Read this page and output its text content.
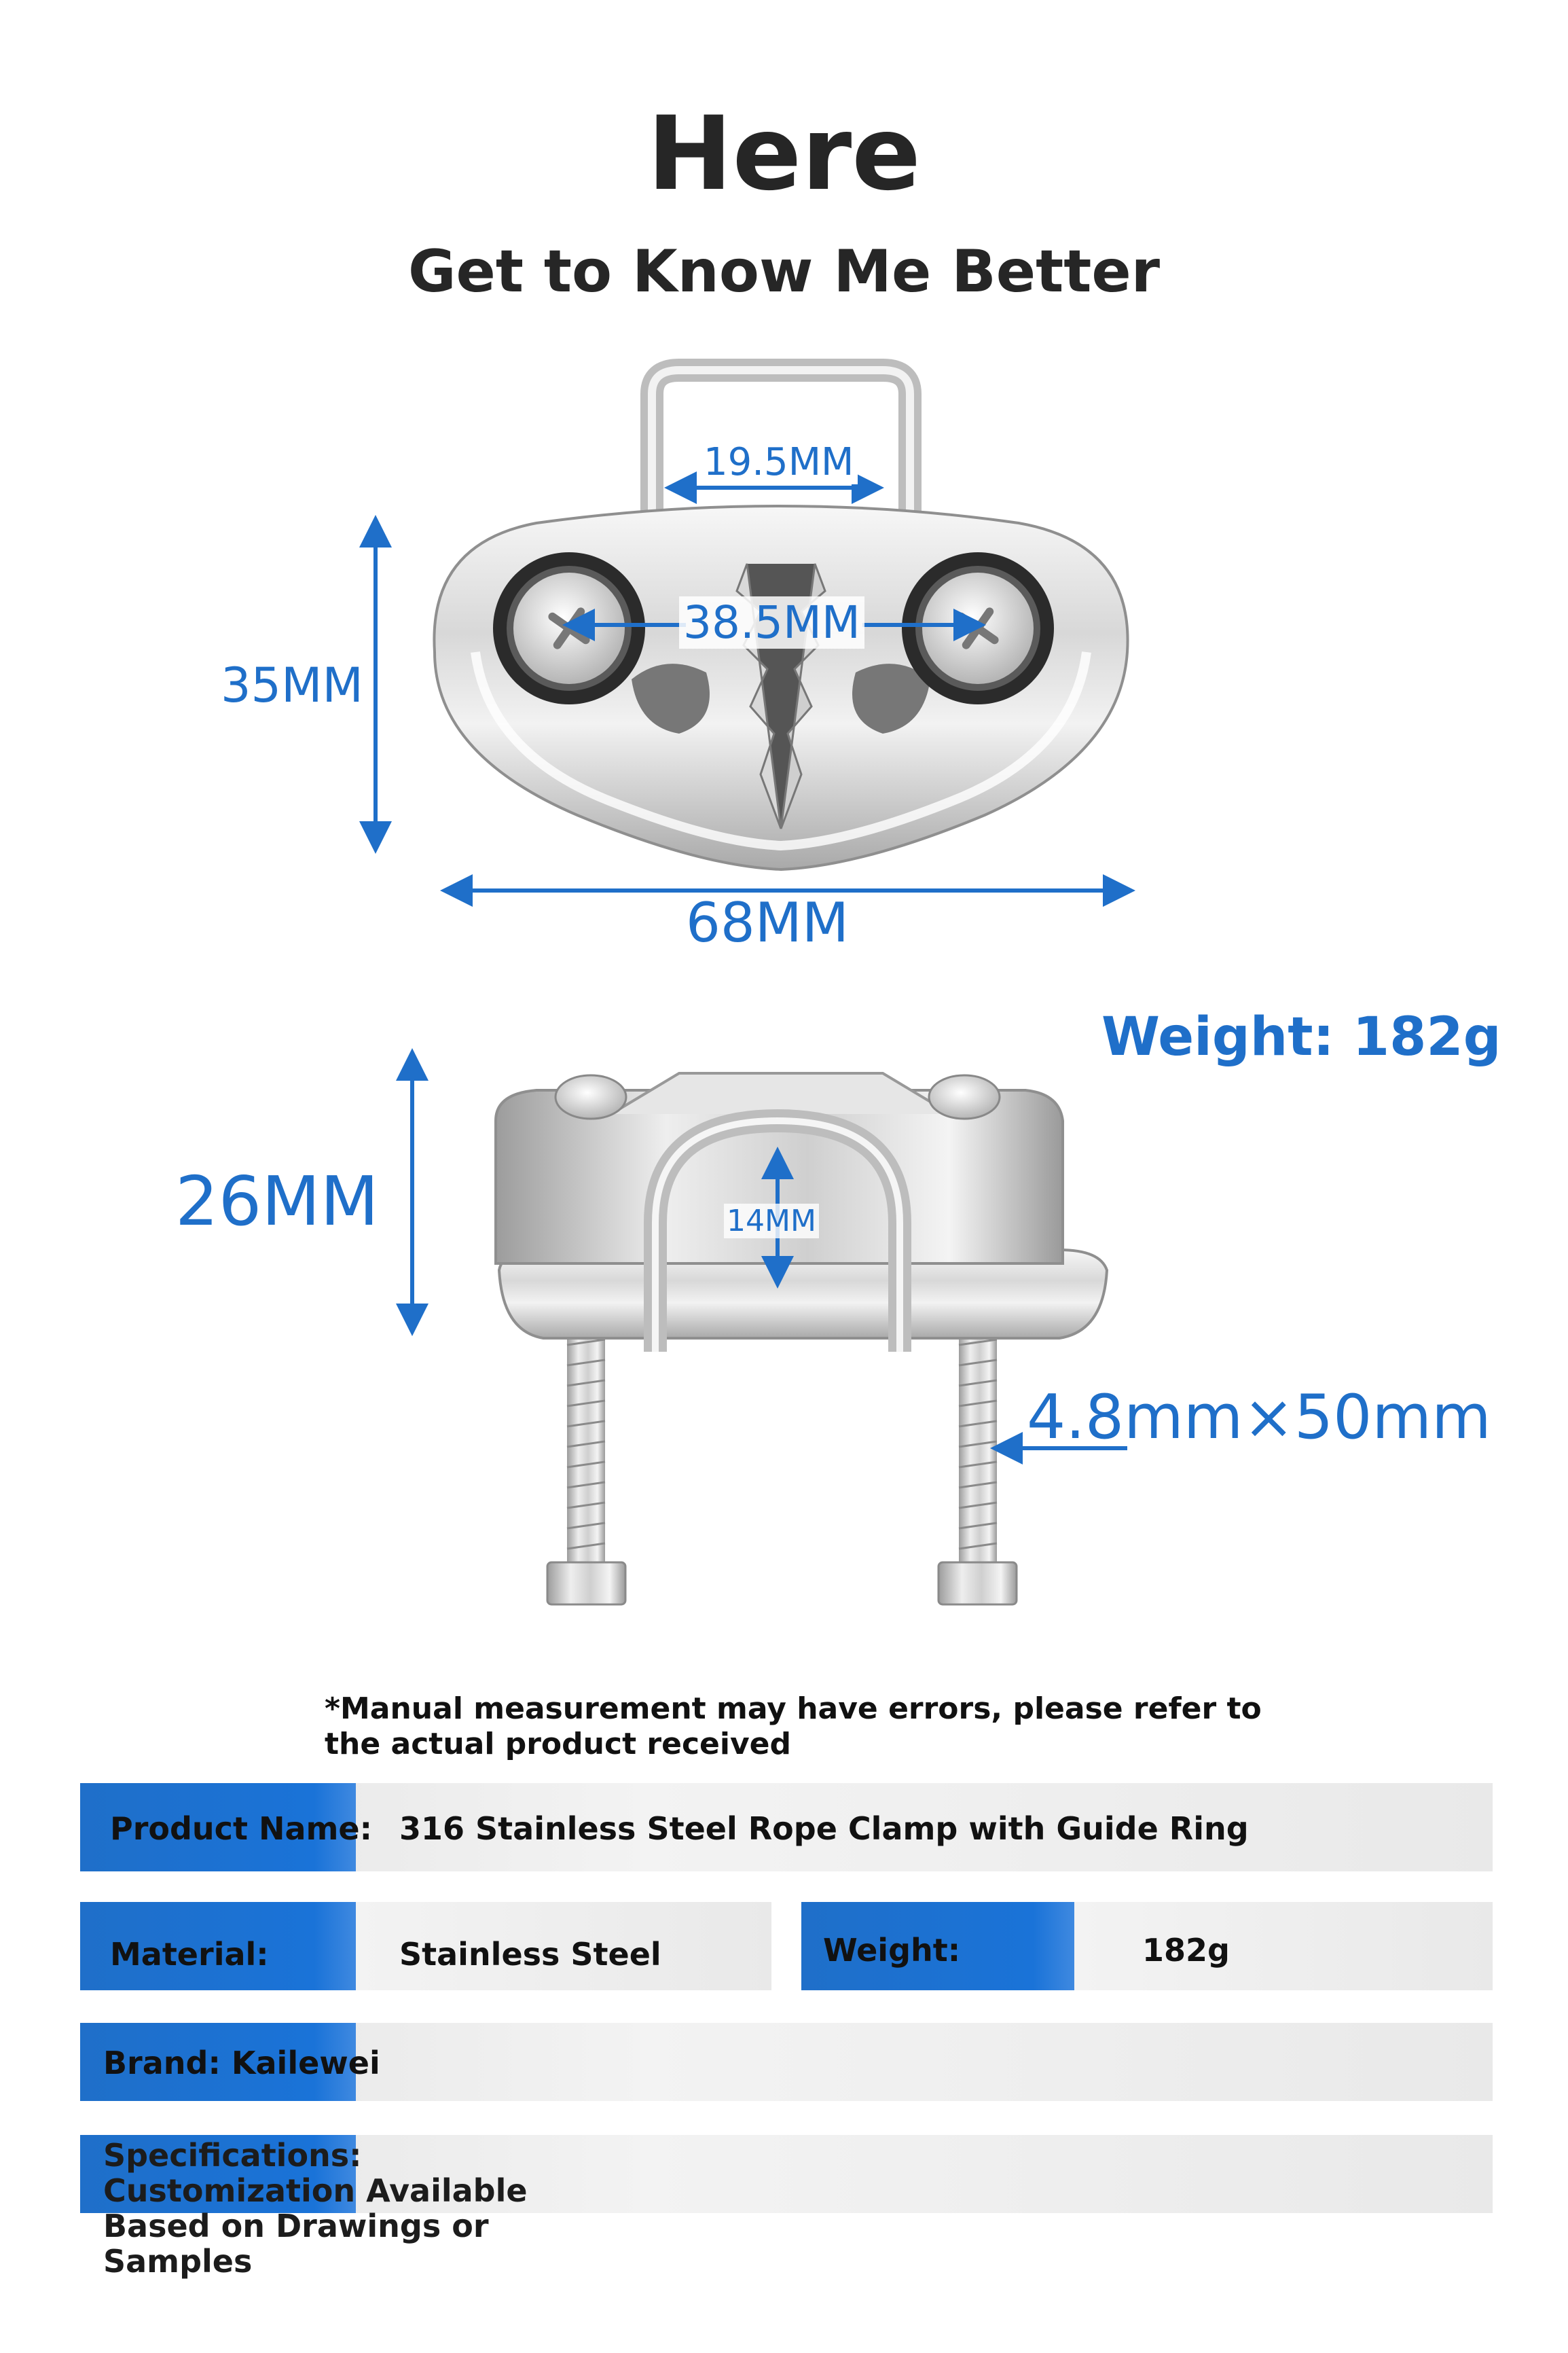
Here
Get to Know Me Better
19.5MM
38.5MM
35MM
68MM
Weight: 182g
26MM	14MM
4.8mm×50mm
*Manual measurement may have errors, please refer to the actual product received
Product Name: 316 Stainless Steel Rope Clamp with Guide Ring
Material:	Stainless Steel	Weight:	182g
Brand: Kailewei
Specifications: Customization Available Based on Drawings or Samples
